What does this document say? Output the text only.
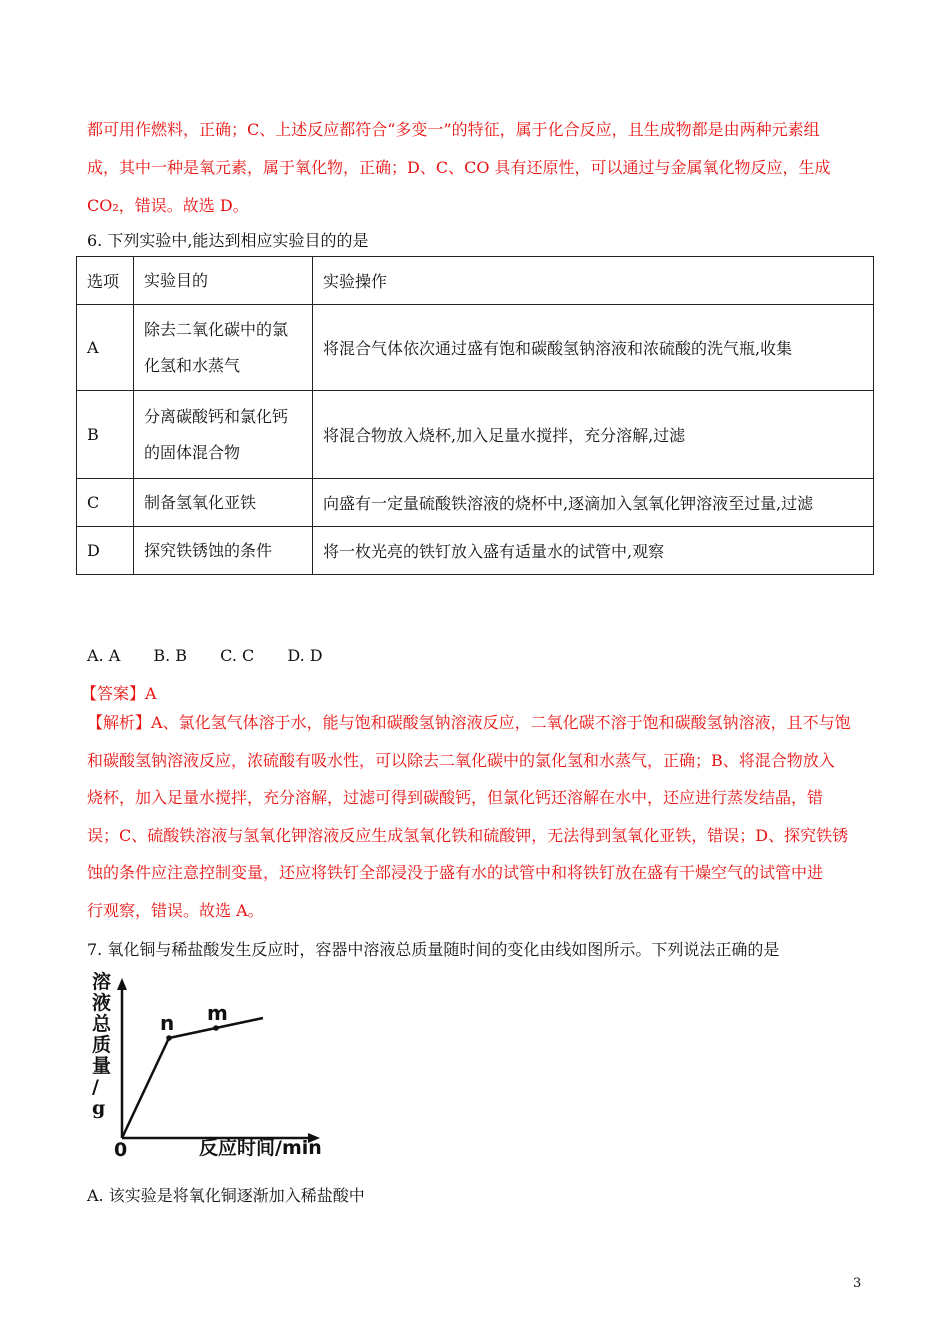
都可用作燃料，正确；C、上述反应都符合“多变一”的特征，属于化合反应，且生成物都是由两种元素组
成，其中一种是氧元素，属于氧化物，正确；D、C、CO 具有还原性，可以通过与金属氧化物反应，生成
CO₂，错误。故选 D。
6. 下列实验中,能达到相应实验目的的是
选项	实验目的	实验操作
A	除去二氧化碳中的氯化氢和水蒸气	将混合气体依次通过盛有饱和碳酸氢钠溶液和浓硫酸的洗气瓶,收集
B	分离碳酸钙和氯化钙的固体混合物	将混合物放入烧杯,加入足量水搅拌，充分溶解,过滤
C	制备氢氧化亚铁	向盛有一定量硫酸铁溶液的烧杯中,逐滴加入氢氧化钾溶液至过量,过滤
D	探究铁锈蚀的条件	将一枚光亮的铁钉放入盛有适量水的试管中,观察
A. A B. B C. C D. D
【答案】A
【解析】A、氯化氢气体溶于水，能与饱和碳酸氢钠溶液反应，二氧化碳不溶于饱和碳酸氢钠溶液，且不与饱
和碳酸氢钠溶液反应，浓硫酸有吸水性，可以除去二氧化碳中的氯化氢和水蒸气，正确；B、将混合物放入
烧杯，加入足量水搅拌，充分溶解，过滤可得到碳酸钙，但氯化钙还溶解在水中，还应进行蒸发结晶，错
误；C、硫酸铁溶液与氢氧化钾溶液反应生成氢氧化铁和硫酸钾，无法得到氢氧化亚铁，错误；D、探究铁锈
蚀的条件应注意控制变量，还应将铁钉全部浸没于盛有水的试管中和将铁钉放在盛有干燥空气的试管中进
行观察，错误。故选 A。
7. 氧化铜与稀盐酸发生反应时，容器中溶液总质量随时间的变化由线如图所示。下列说法正确的是
溶液总质量/ g
反应时间/min
0
n m
A. 该实验是将氧化铜逐渐加入稀盐酸中
3
